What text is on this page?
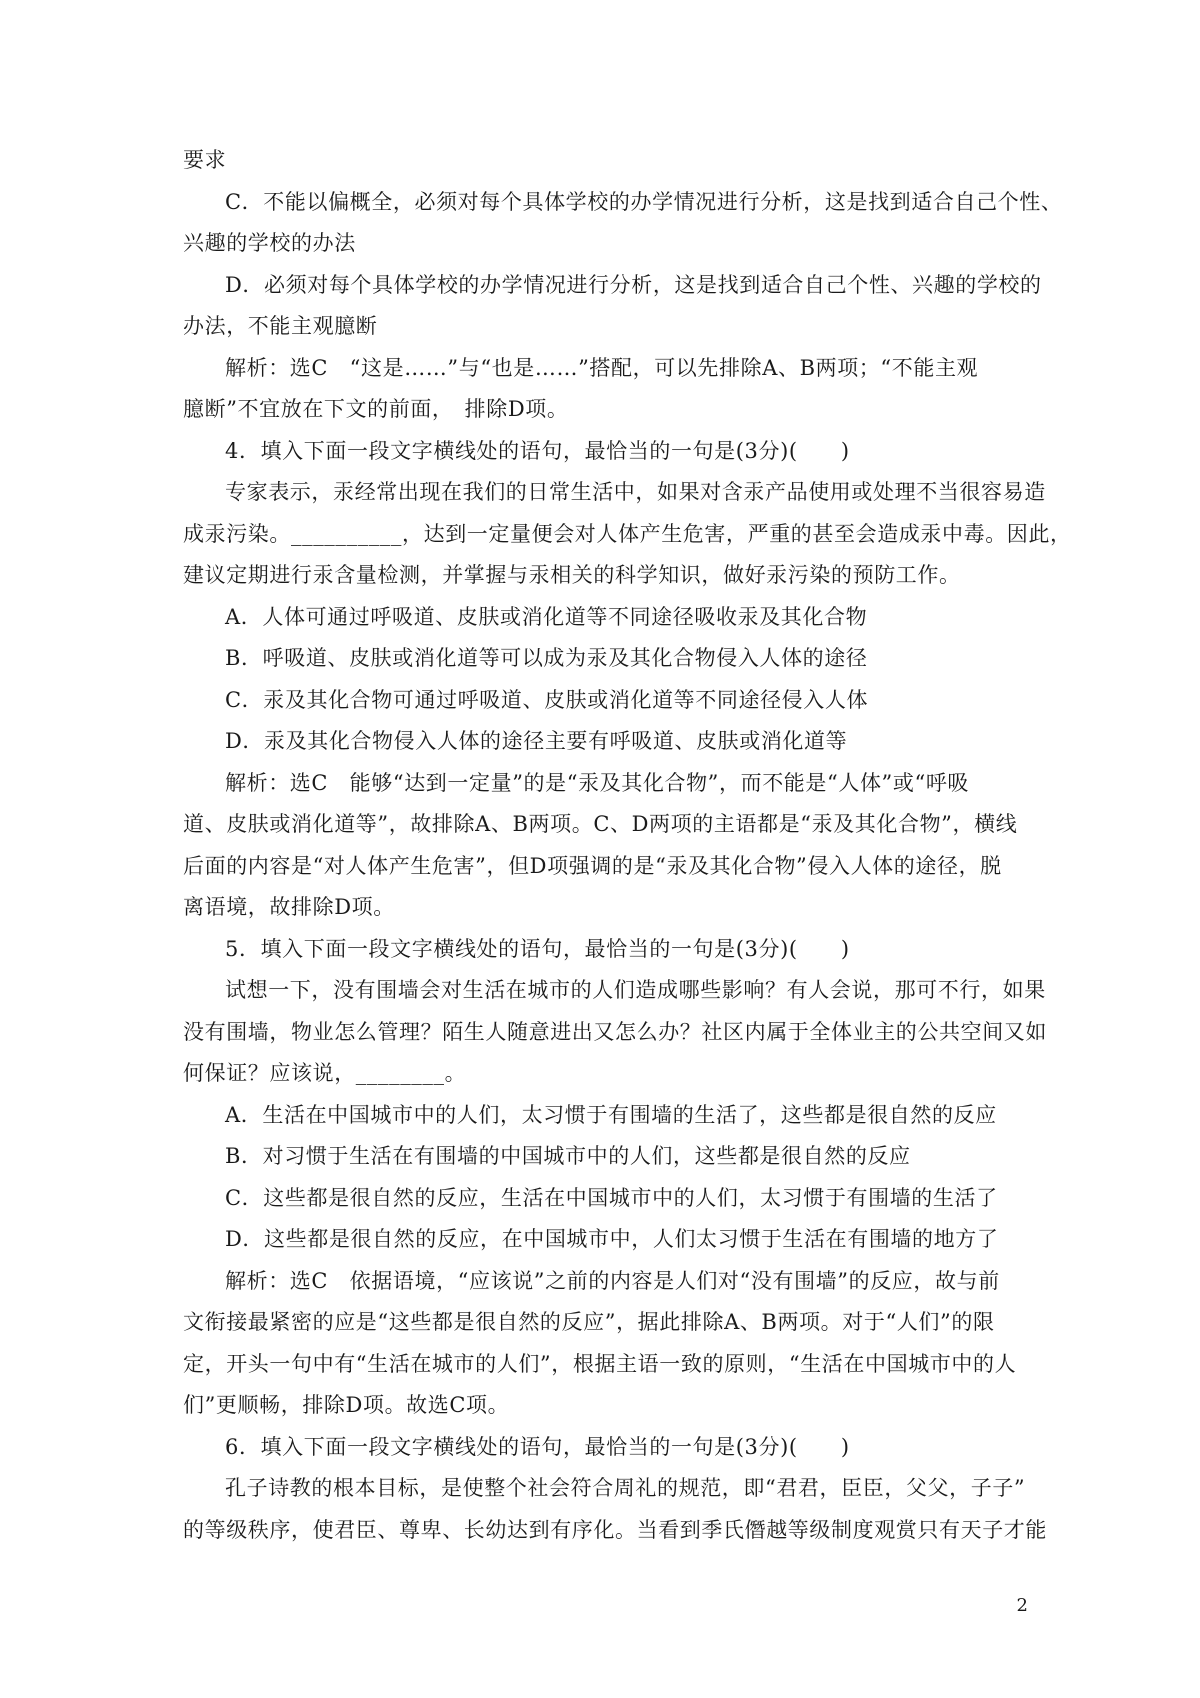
要求
C．不能以偏概全，必须对每个具体学校的办学情况进行分析，这是找到适合自己个性、
兴趣的学校的办法
D．必须对每个具体学校的办学情况进行分析，这是找到适合自己个性、兴趣的学校的
办法，不能主观臆断
解析：选C　“这是……”与“也是……”搭配，可以先排除A、B两项；“不能主观
臆断”不宜放在下文的前面，　排除D项。
4．填入下面一段文字横线处的语句，最恰当的一句是(3分)(　　)
专家表示，汞经常出现在我们的日常生活中，如果对含汞产品使用或处理不当很容易造
成汞污染。__________，达到一定量便会对人体产生危害，严重的甚至会造成汞中毒。因此，
建议定期进行汞含量检测，并掌握与汞相关的科学知识，做好汞污染的预防工作。
A．人体可通过呼吸道、皮肤或消化道等不同途径吸收汞及其化合物
B．呼吸道、皮肤或消化道等可以成为汞及其化合物侵入人体的途径
C．汞及其化合物可通过呼吸道、皮肤或消化道等不同途径侵入人体
D．汞及其化合物侵入人体的途径主要有呼吸道、皮肤或消化道等
解析：选C　能够“达到一定量”的是“汞及其化合物”，而不能是“人体”或“呼吸
道、皮肤或消化道等”，故排除A、B两项。C、D两项的主语都是“汞及其化合物”，横线
后面的内容是“对人体产生危害”，但D项强调的是“汞及其化合物”侵入人体的途径，脱
离语境，故排除D项。
5．填入下面一段文字横线处的语句，最恰当的一句是(3分)(　　)
试想一下，没有围墙会对生活在城市的人们造成哪些影响？有人会说，那可不行，如果
没有围墙，物业怎么管理？陌生人随意进出又怎么办？社区内属于全体业主的公共空间又如
何保证？应该说，________。
A．生活在中国城市中的人们，太习惯于有围墙的生活了，这些都是很自然的反应
B．对习惯于生活在有围墙的中国城市中的人们，这些都是很自然的反应
C．这些都是很自然的反应，生活在中国城市中的人们，太习惯于有围墙的生活了
D．这些都是很自然的反应，在中国城市中，人们太习惯于生活在有围墙的地方了
解析：选C　依据语境，“应该说”之前的内容是人们对“没有围墙”的反应，故与前
文衔接最紧密的应是“这些都是很自然的反应”，据此排除A、B两项。对于“人们”的限
定，开头一句中有“生活在城市的人们”，根据主语一致的原则，“生活在中国城市中的人
们”更顺畅，排除D项。故选C项。
6．填入下面一段文字横线处的语句，最恰当的一句是(3分)(　　)
孔子诗教的根本目标，是使整个社会符合周礼的规范，即“君君，臣臣，父父，子子”
的等级秩序，使君臣、尊卑、长幼达到有序化。当看到季氏僭越等级制度观赏只有天子才能
2
